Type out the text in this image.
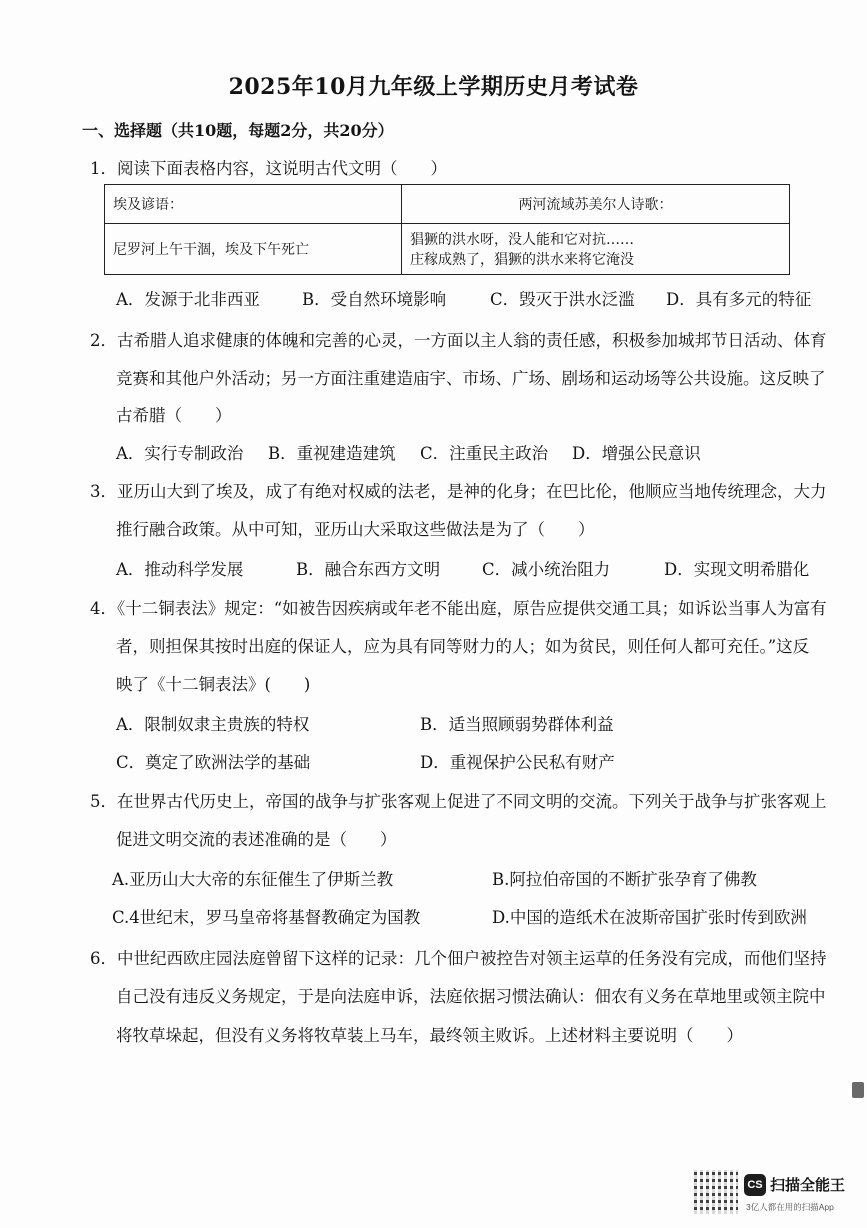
2025年10月九年级上学期历史月考试卷
一、选择题（共10题，每题2分，共20分）
1．阅读下面表格内容，这说明古代文明（　　）
埃及谚语：	两河流域苏美尔人诗歌：
尼罗河上午干涸，埃及下午死亡	猖獗的洪水呀，没人能和它对抗……
庄稼成熟了，猖獗的洪水来将它淹没
A．发源于北非西亚	B．受自然环境影响	C．毁灭于洪水泛滥 D．具有多元的特征
2．古希腊人追求健康的体魄和完善的心灵，一方面以主人翁的责任感，积极参加城邦节日活动、体育
竞赛和其他户外活动；另一方面注重建造庙宇、市场、广场、剧场和运动场等公共设施。这反映了
古希腊（　　）
A．实行专制政治 B．重视建造建筑 C．注重民主政治 D．增强公民意识
3．亚历山大到了埃及，成了有绝对权威的法老，是神的化身；在巴比伦，他顺应当地传统理念，大力
推行融合政策。从中可知，亚历山大采取这些做法是为了（　　）
A．推动科学发展	B．融合东西方文明	C．减小统治阻力	D．实现文明希腊化
4．《十二铜表法》规定：“如被告因疾病或年老不能出庭，原告应提供交通工具；如诉讼当事人为富有
者，则担保其按时出庭的保证人，应为具有同等财力的人；如为贫民，则任何人都可充任。”这反
映了《十二铜表法》(　　)
A．限制奴隶主贵族的特权	B．适当照顾弱势群体利益
C．奠定了欧洲法学的基础	D．重视保护公民私有财产
5．在世界古代历史上，帝国的战争与扩张客观上促进了不同文明的交流。下列关于战争与扩张客观上
促进文明交流的表述准确的是（　　）
A.亚历山大大帝的东征催生了伊斯兰教	B.阿拉伯帝国的不断扩张孕育了佛教
C.4世纪末，罗马皇帝将基督教确定为国教	D.中国的造纸术在波斯帝国扩张时传到欧洲
6．中世纪西欧庄园法庭曾留下这样的记录：几个佃户被控告对领主运草的任务没有完成，而他们坚持
自己没有违反义务规定，于是向法庭申诉，法庭依据习惯法确认：佃农有义务在草地里或领主院中
将牧草垛起，但没有义务将牧草装上马车，最终领主败诉。上述材料主要说明（　　）
CS 扫描全能王
3亿人都在用的扫描App
